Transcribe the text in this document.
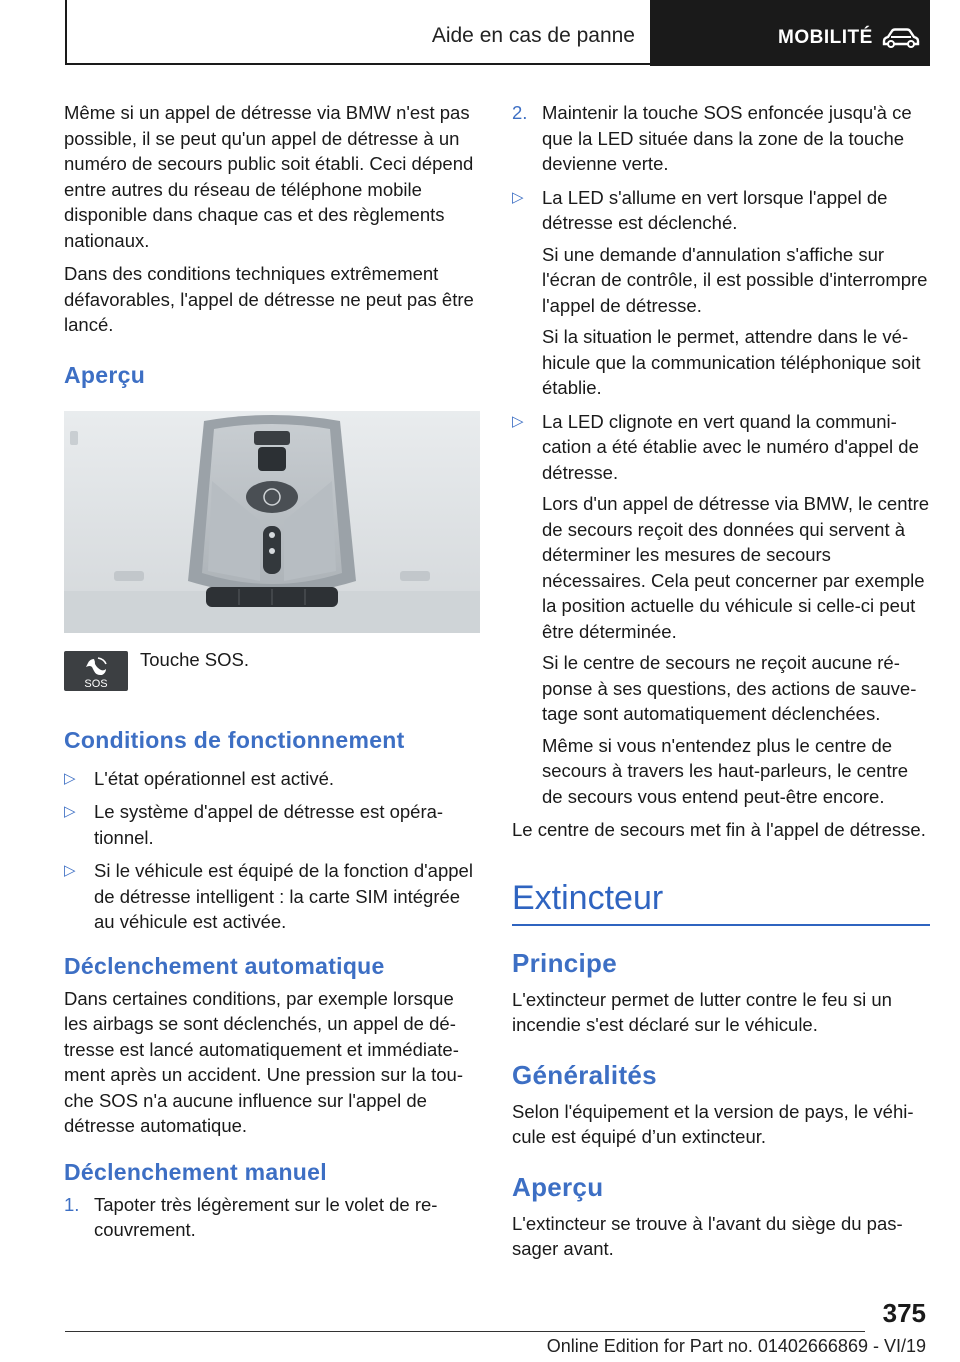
Aide en cas de panne	MOBILITÉ

Même si un appel de détresse via BMW n'est pas possible, il se peut qu'un appel de détresse à un numéro de secours public soit établi. Ceci dépend entre autres du réseau de téléphone mobile disponible dans chaque cas et des règlements nationaux.

Dans des conditions techniques extrêmement défavorables, l'appel de détresse ne peut pas être lancé.

Aperçu
SOS
Touche SOS.
Conditions de fonctionnement
▷ L'état opérationnel est activé.
▷ Le système d'appel de détresse est opérationnel.
▷ Si le véhicule est équipé de la fonction d'appel de détresse intelligent : la carte SIM intégrée au véhicule est activée.
Déclenchement automatique

Dans certaines conditions, par exemple lorsque les airbags se sont déclenchés, un appel de détresse est lancé automatiquement et immédiatement après un accident. Une pression sur la touche SOS n'a aucune influence sur l'appel de détresse automatique.

Déclenchement manuel
1. Tapoter très légèrement sur le volet de recouvrement.
2. Maintenir la touche SOS enfoncée jusqu'à ce que la LED située dans la zone de la touche devienne verte.
▷ La LED s'allume en vert lorsque l'appel de détresse est déclenché.

Si une demande d'annulation s'affiche sur l'écran de contrôle, il est possible d'interrompre l'appel de détresse.

Si la situation le permet, attendre dans le véhicule que la communication téléphonique soit établie.

▷ La LED clignote en vert quand la communication a été établie avec le numéro d'appel de détresse.

Lors d'un appel de détresse via BMW, le centre de secours reçoit des données qui servent à déterminer les mesures de secours nécessaires. Cela peut concerner par exemple la position actuelle du véhicule si celle-ci peut être déterminée.

Si le centre de secours ne reçoit aucune réponse à ses questions, des actions de sauvetage sont automatiquement déclenchées.

Même si vous n'entendez plus le centre de secours à travers les haut-parleurs, le centre de secours vous entend peut-être encore.

Le centre de secours met fin à l'appel de détresse.

Extincteur
Principe

L'extincteur permet de lutter contre le feu si un incendie s'est déclaré sur le véhicule.

Généralités

Selon l'équipement et la version de pays, le véhicule est équipé d’un extincteur.

Aperçu

L'extincteur se trouve à l'avant du siège du passager avant.

375
Online Edition for Part no. 01402666869 - VI/19
